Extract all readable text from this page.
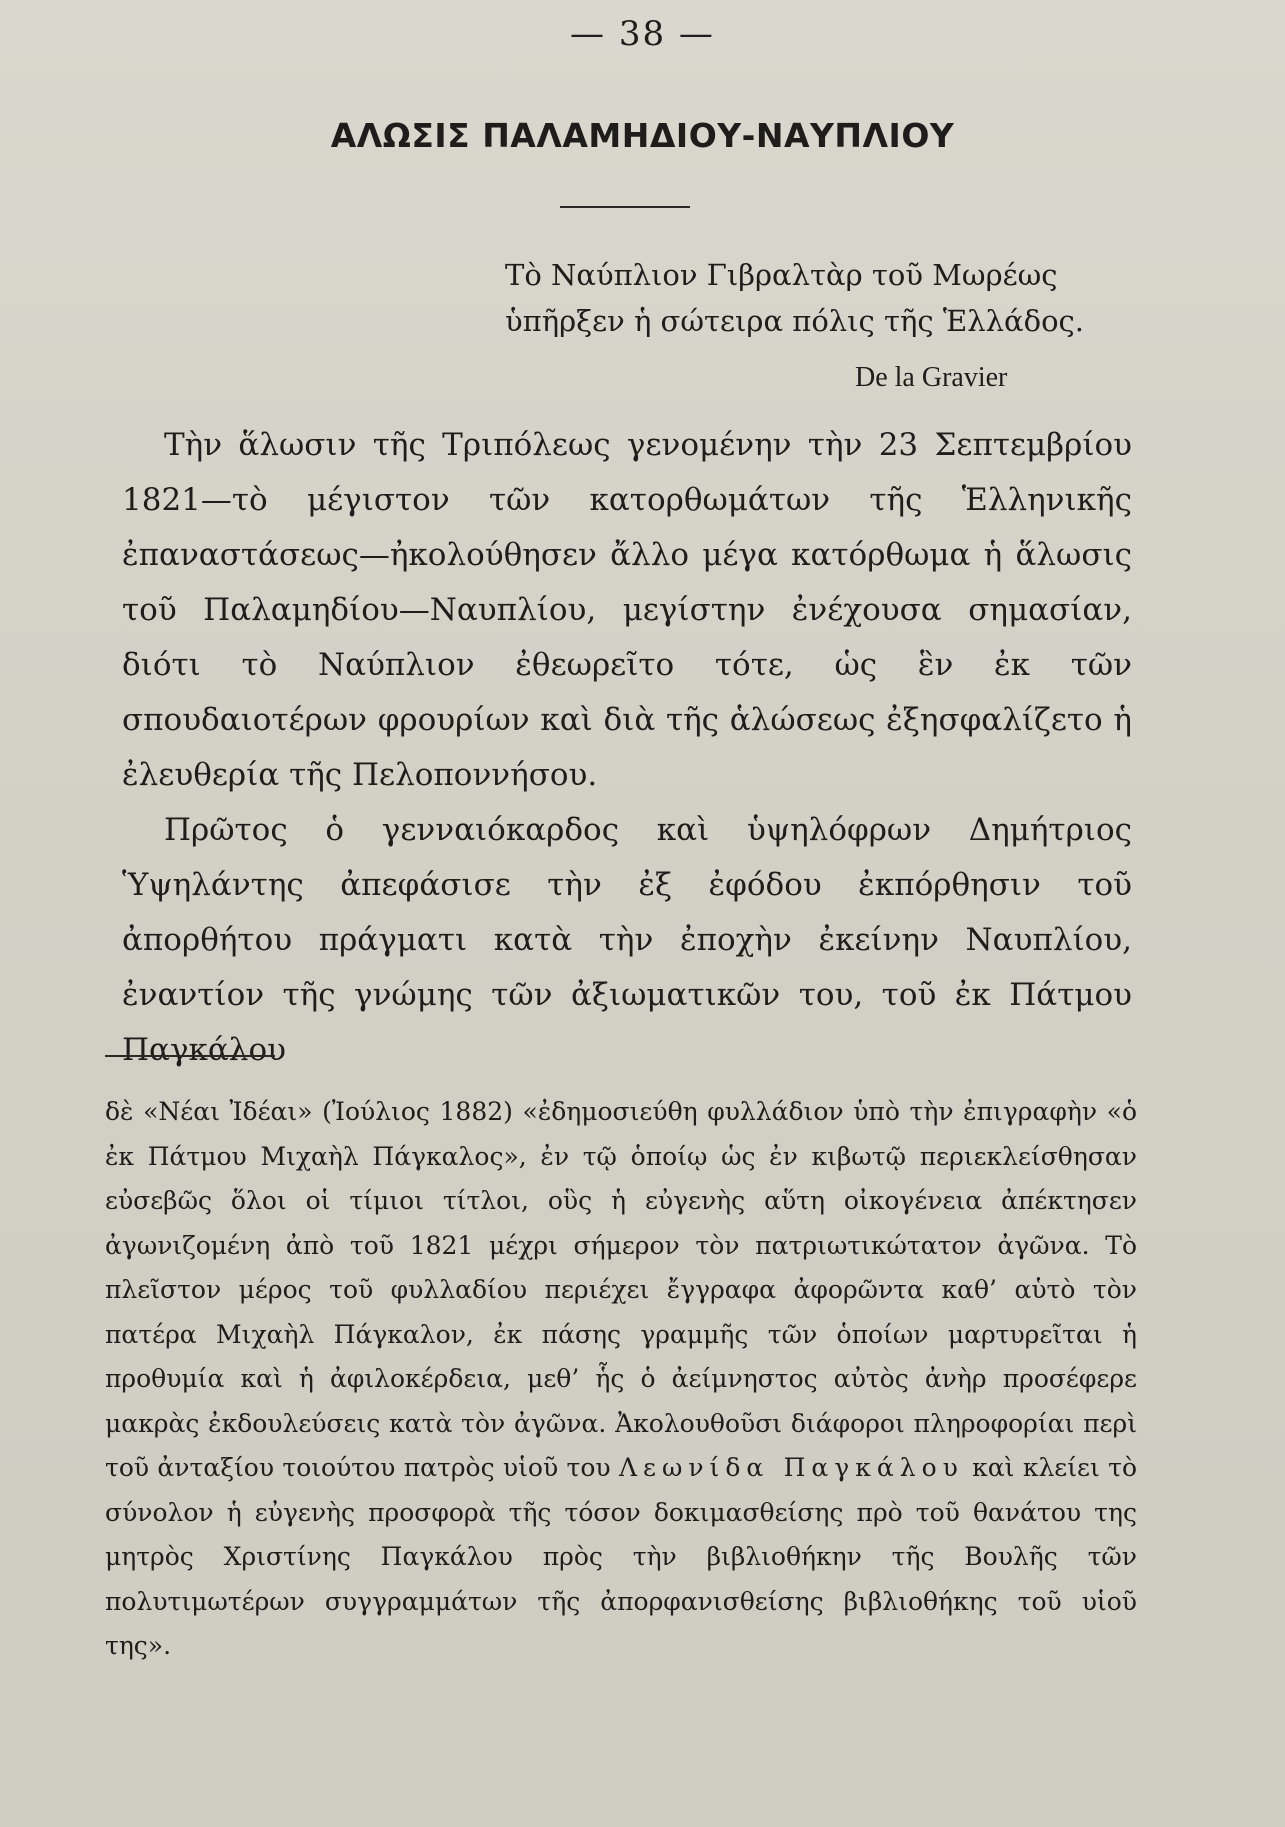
— 38 —
ΑΛΩΣΙΣ ΠΑΛΑΜΗΔΙΟΥ-ΝΑΥΠΛΙΟΥ
Τὸ Ναύπλιον Γιβραλτὰρ τοῦ Μωρέως
ὑπῆρξεν ἡ σώτειρα πόλις τῆς Ἑλλάδος.
De la Gravier

Τὴν ἅλωσιν τῆς Τριπόλεως γενομένην τὴν 23 Σεπτεμβρίου 1821—τὸ μέγιστον τῶν κατορθωμάτων τῆς Ἑλληνικῆς ἐπαναστάσεως—ἠκολούθησεν ἄλλο μέγα κατόρθωμα ἡ ἅλωσις τοῦ Παλαμηδίου—Ναυπλίου, μεγίστην ἐνέχουσα σημασίαν, διότι τὸ Ναύπλιον ἐθεωρεῖτο τότε, ὡς ἓν ἐκ τῶν σπουδαιοτέρων φρουρίων καὶ διὰ τῆς ἁλώσεως ἐξησφαλίζετο ἡ ἐλευθερία τῆς Πελοποννήσου.

Πρῶτος ὁ γενναιόκαρδος καὶ ὑψηλόφρων Δημήτριος Ὑψηλάντης ἀπεφάσισε τὴν ἐξ ἐφόδου ἐκπόρθησιν τοῦ ἀπορθήτου πράγματι κατὰ τὴν ἐποχὴν ἐκείνην Ναυπλίου, ἐναντίον τῆς γνώμης τῶν ἀξιωματικῶν του, τοῦ ἐκ Πάτμου Παγκάλου

δὲ «Νέαι Ἰδέαι» (Ἰούλιος 1882) «ἐδημοσιεύθη φυλλάδιον ὑπὸ τὴν ἐπιγραφὴν «ὁ ἐκ Πάτμου Μιχαὴλ Πάγκαλος», ἐν τῷ ὁποίῳ ὡς ἐν κιβωτῷ περιεκλείσθησαν εὐσεβῶς ὅλοι οἱ τίμιοι τίτλοι, οὓς ἡ εὐγενὴς αὕτη οἰκογένεια ἀπέκτησεν ἀγωνιζομένη ἀπὸ τοῦ 1821 μέχρι σήμερον τὸν πατριωτικώτατον ἀγῶνα. Τὸ πλεῖστον μέρος τοῦ φυλλαδίου περιέχει ἔγγραφα ἀφορῶντα καθ’ αὑτὸ τὸν πατέρα Μιχαὴλ Πάγκαλον, ἐκ πάσης γραμμῆς τῶν ὁποίων μαρτυρεῖται ἡ προθυμία καὶ ἡ ἀφιλοκέρδεια, μεθ’ ἧς ὁ ἀείμνηστος αὐτὸς ἀνὴρ προσέφερε μακρὰς ἐκδουλεύσεις κατὰ τὸν ἀγῶνα. Ἀκολουθοῦσι διάφοροι πληροφορίαι περὶ τοῦ ἀνταξίου τοιούτου πατρὸς υἱοῦ του Λεωνίδα Παγκάλου καὶ κλείει τὸ σύνολον ἡ εὐγενὴς προσφορὰ τῆς τόσον δοκιμασθείσης πρὸ τοῦ θανάτου της μητρὸς Χριστίνης Παγκάλου πρὸς τὴν βιβλιοθήκην τῆς Βουλῆς τῶν πολυτιμωτέρων συγγραμμάτων τῆς ἀπορφανισθείσης βιβλιοθήκης τοῦ υἱοῦ της».
